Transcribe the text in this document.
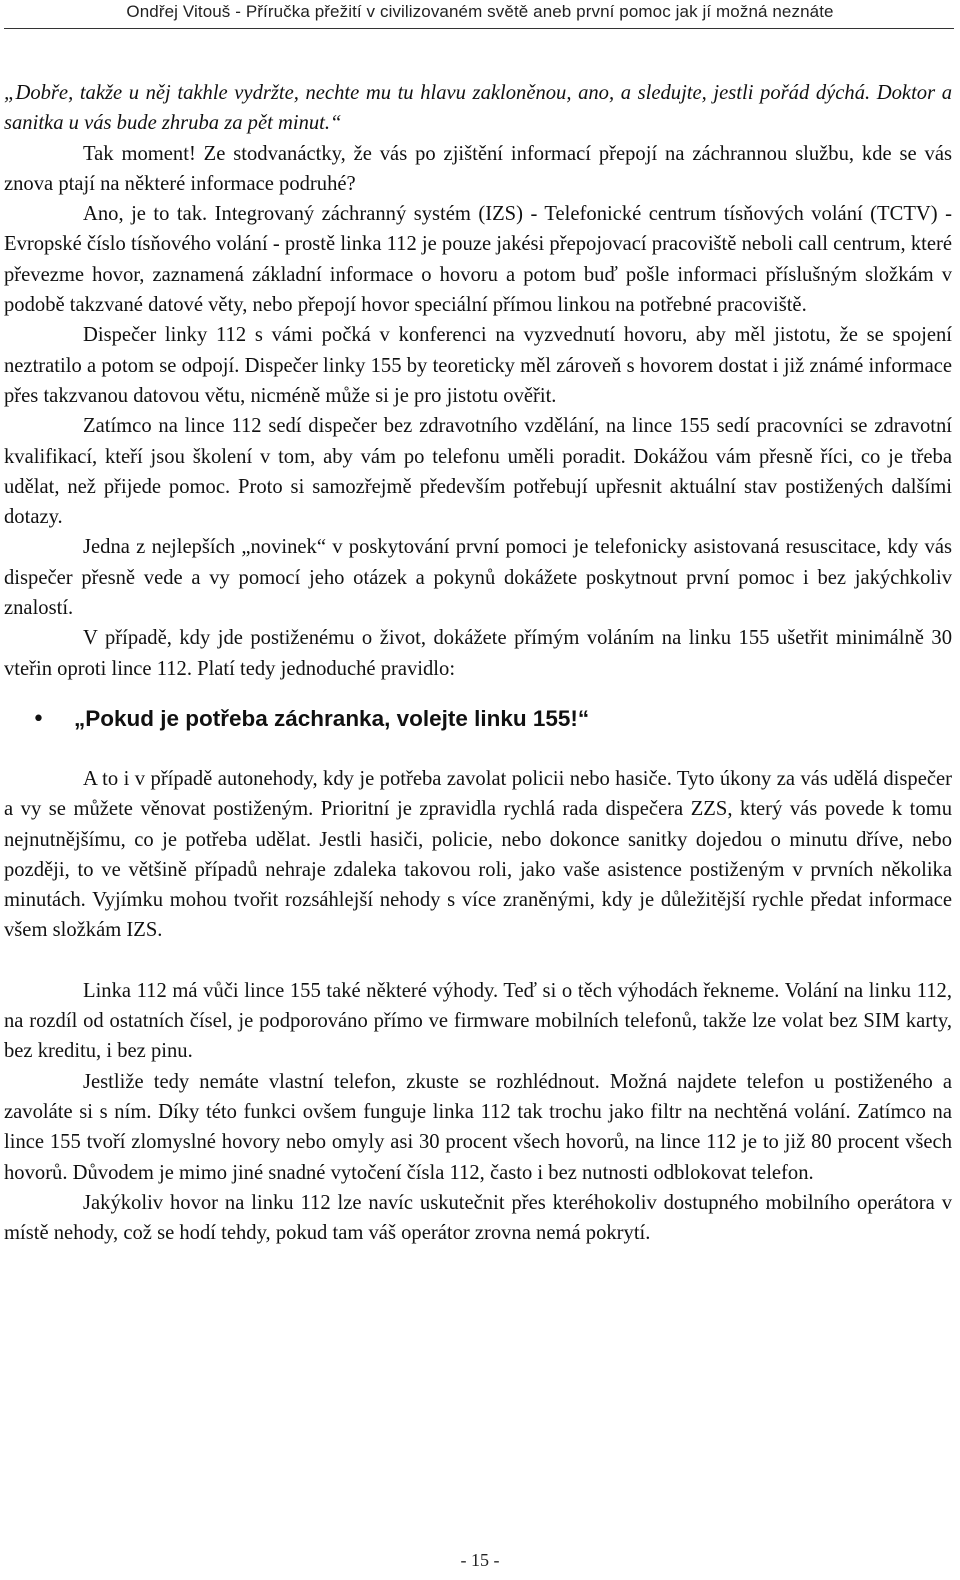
Ondřej Vitouš - Příručka přežití v civilizovaném světě aneb první pomoc jak jí možná neznáte

„Dobře, takže u něj takhle vydržte, nechte mu tu hlavu zakloněnou, ano, a sledujte, jestli pořád dýchá. Doktor a sanitka u vás bude zhruba za pět minut.“

Tak moment! Ze stodvanáctky, že vás po zjištění informací přepojí na záchrannou službu, kde se vás znova ptají na některé informace podruhé?

Ano, je to tak. Integrovaný záchranný systém (IZS) - Telefonické centrum tísňových volání (TCTV) - Evropské číslo tísňového volání - prostě linka 112 je pouze jakési přepojovací pracoviště neboli call centrum, které převezme hovor, zaznamená základní informace o hovoru a potom buď pošle informaci příslušným složkám v podobě takzvané datové věty, nebo přepojí hovor speciální přímou linkou na potřebné pracoviště.

Dispečer linky 112 s vámi počká v konferenci na vyzvednutí hovoru, aby měl jistotu, že se spojení neztratilo a potom se odpojí. Dispečer linky 155 by teoreticky měl zároveň s hovorem dostat i již známé informace přes takzvanou datovou větu, nicméně může si je pro jistotu ověřit.

Zatímco na lince 112 sedí dispečer bez zdravotního vzdělání, na lince 155 sedí pracovníci se zdravotní kvalifikací, kteří jsou školení v tom, aby vám po telefonu uměli poradit. Dokážou vám přesně říci, co je třeba udělat, než přijede pomoc. Proto si samozřejmě především potřebují upřesnit aktuální stav postižených dalšími dotazy.

Jedna z nejlepších „novinek“ v poskytování první pomoci je telefonicky asistovaná resuscitace, kdy vás dispečer přesně vede a vy pomocí jeho otázek a pokynů dokážete poskytnout první pomoc i bez jakýchkoliv znalostí.

V případě, kdy jde postiženému o život, dokážete přímým voláním na linku 155 ušetřit minimálně 30 vteřin oproti lince 112. Platí tedy jednoduché pravidlo:

•	„Pokud je potřeba záchranka, volejte linku 155!“

A to i v případě autonehody, kdy je potřeba zavolat policii nebo hasiče. Tyto úkony za vás udělá dispečer a vy se můžete věnovat postiženým. Prioritní je zpravidla rychlá rada dispečera ZZS, který vás povede k tomu nejnutnějšímu, co je potřeba udělat. Jestli hasiči, policie, nebo dokonce sanitky dojedou o minutu dříve, nebo později, to ve většině případů nehraje zdaleka takovou roli, jako vaše asistence postiženým v prvních několika minutách. Vyjímku mohou tvořit rozsáhlejší nehody s více zraněnými, kdy je důležitější rychle předat informace všem složkám IZS.

Linka 112 má vůči lince 155 také některé výhody. Teď si o těch výhodách řekneme. Volání na linku 112, na rozdíl od ostatních čísel, je podporováno přímo ve firmware mobilních telefonů, takže lze volat bez SIM karty, bez kreditu, i bez pinu.

Jestliže tedy nemáte vlastní telefon, zkuste se rozhlédnout. Možná najdete telefon u postiženého a zavoláte si s ním. Díky této funkci ovšem funguje linka 112 tak trochu jako filtr na nechtěná volání. Zatímco na lince 155 tvoří zlomyslné hovory nebo omyly asi 30 procent všech hovorů, na lince 112 je to již 80 procent všech hovorů. Důvodem je mimo jiné snadné vytočení čísla 112, často i bez nutnosti odblokovat telefon.

Jakýkoliv hovor na linku 112 lze navíc uskutečnit přes kteréhokoliv dostupného mobilního operátora v místě nehody, což se hodí tehdy, pokud tam váš operátor zrovna nemá pokrytí.

- 15 -
